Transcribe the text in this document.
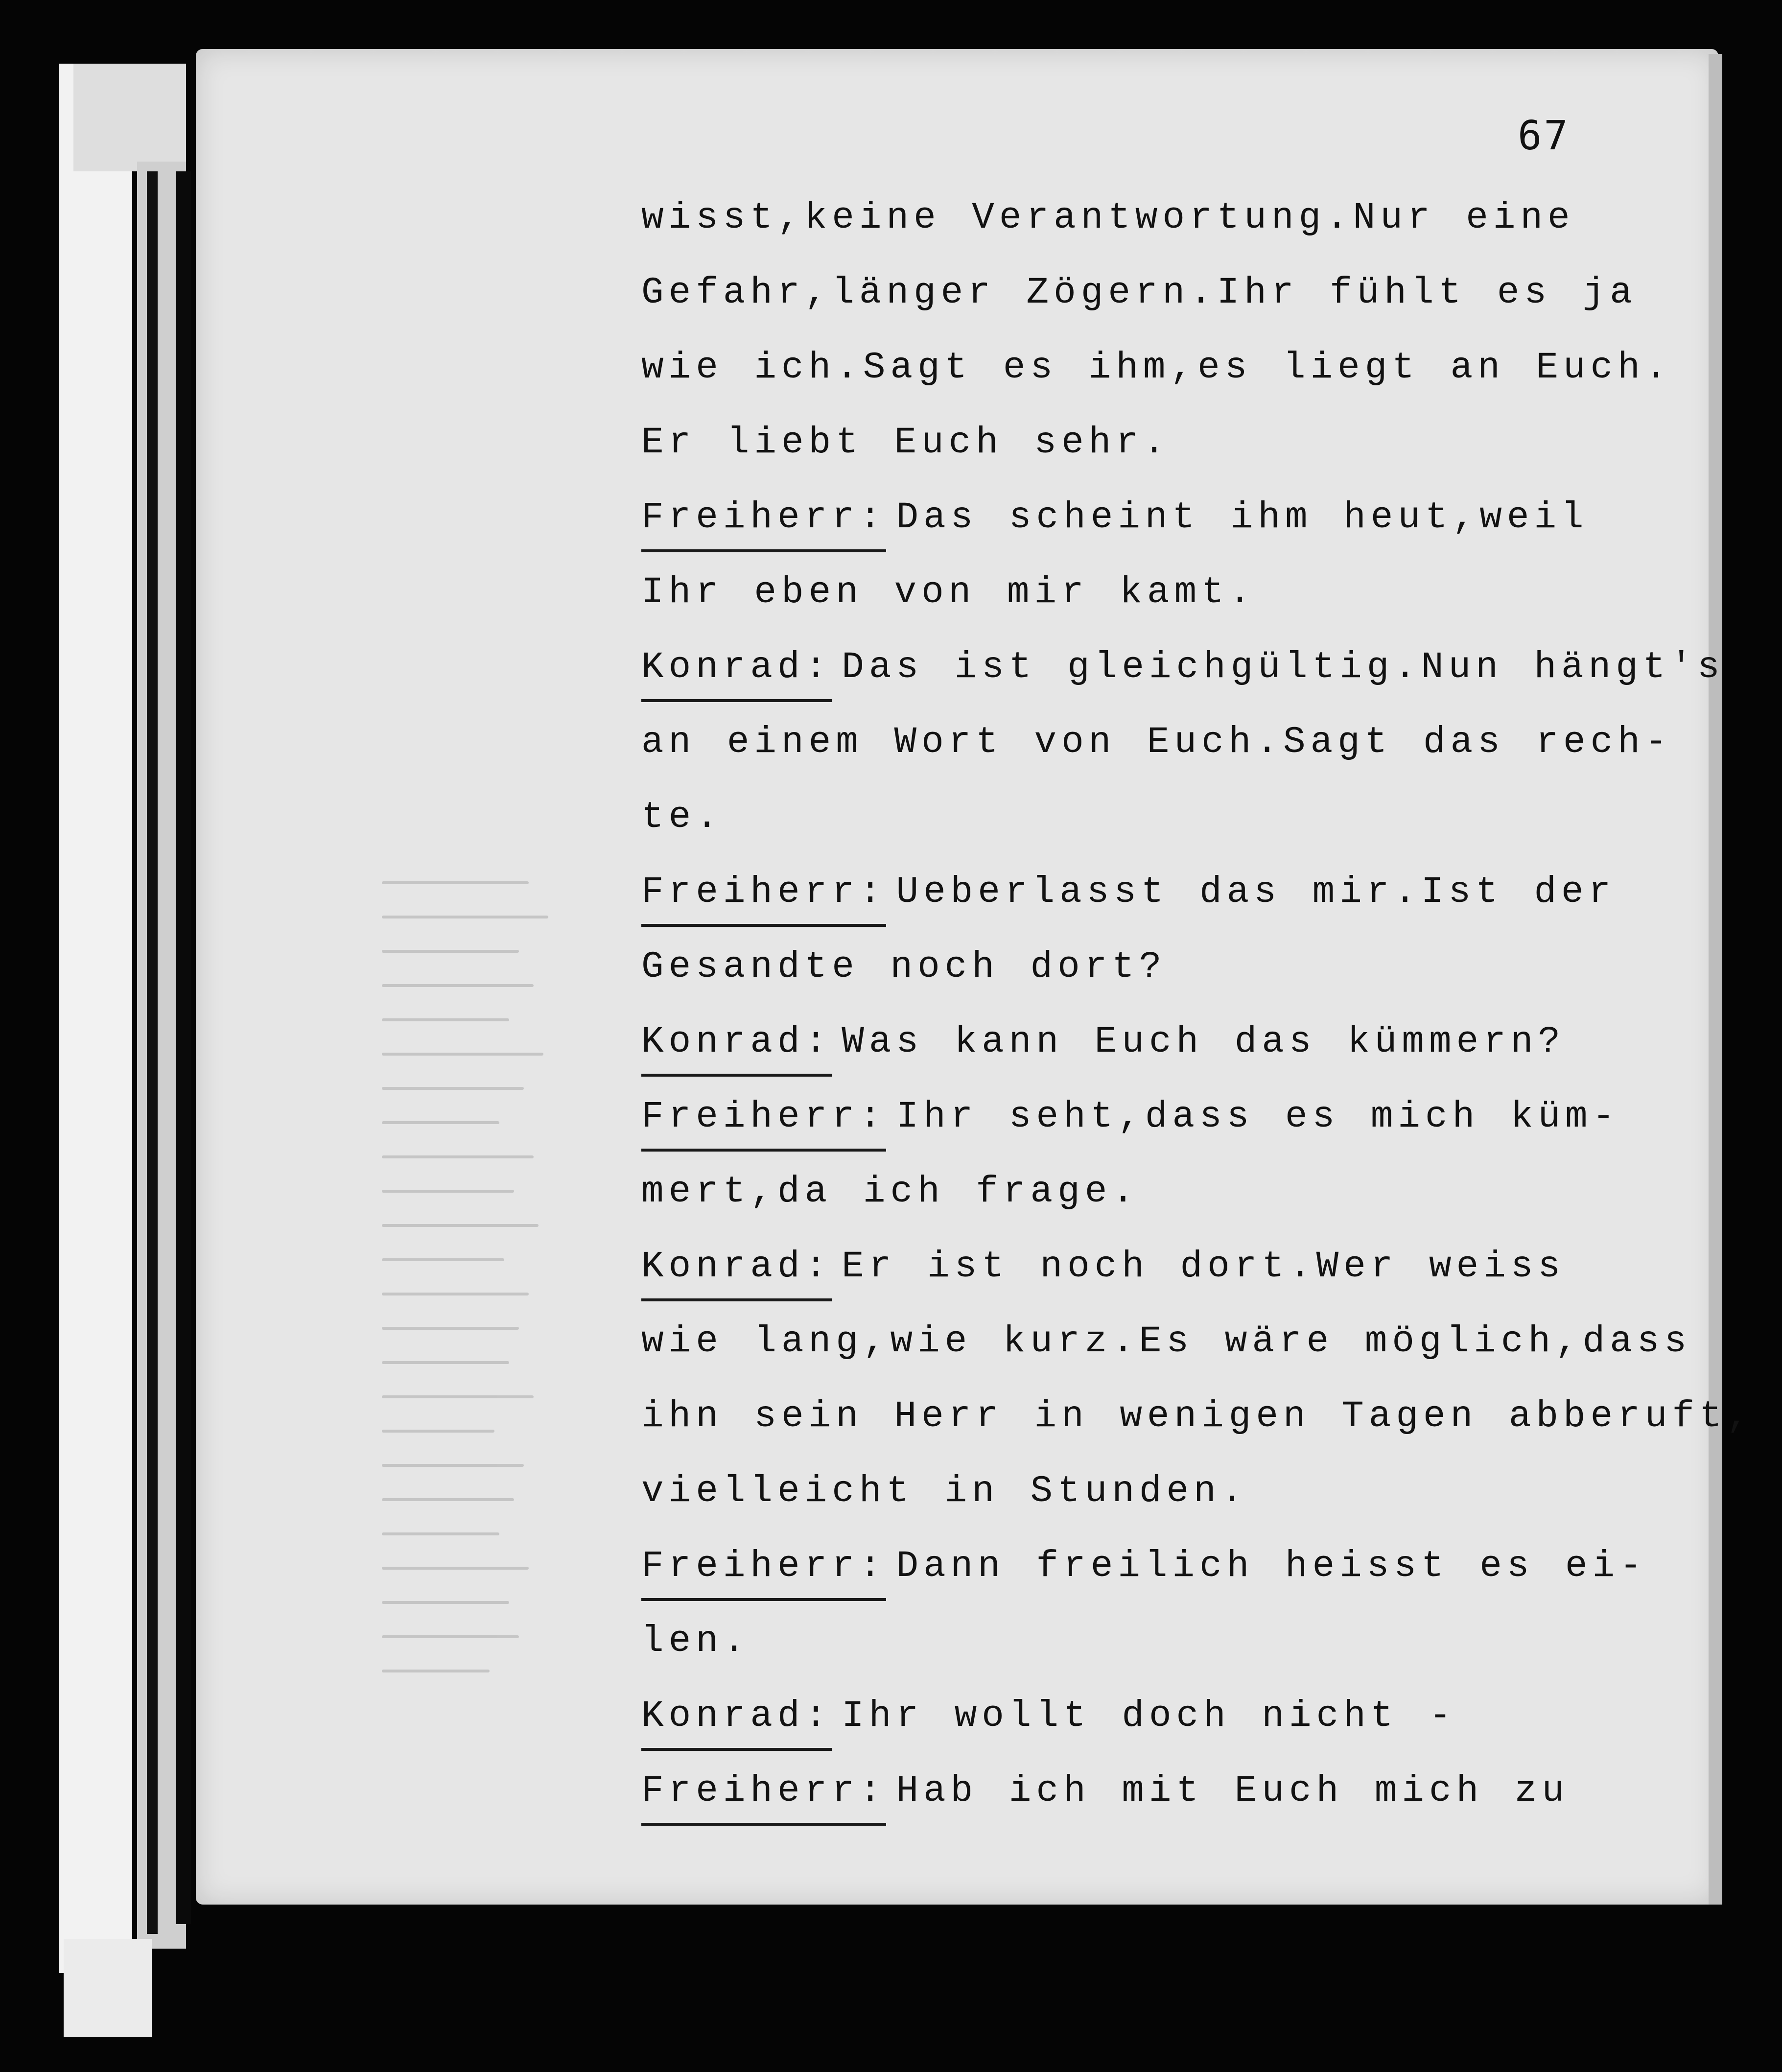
67
wisst,keine Verantwortung.Nur eine
Gefahr,länger Zögern.Ihr fühlt es ja
wie ich.Sagt es ihm,es liegt an Euch.
Er liebt Euch sehr.
Freiherr: Das scheint ihm heut,weil
Ihr eben von mir kamt.
Konrad: Das ist gleichgültig.Nun hängt's
an einem Wort von Euch.Sagt das rech-
te.
Freiherr: Ueberlasst das mir.Ist der
Gesandte noch dort?
Konrad: Was kann Euch das kümmern?
Freiherr: Ihr seht,dass es mich küm-
mert,da ich frage.
Konrad: Er ist noch dort.Wer weiss
wie lang,wie kurz.Es wäre möglich,dass
ihn sein Herr in wenigen Tagen abberuft,
vielleicht in Stunden.
Freiherr: Dann freilich heisst es ei-
len.
Konrad: Ihr wollt doch nicht -
Freiherr: Hab ich mit Euch mich zu
